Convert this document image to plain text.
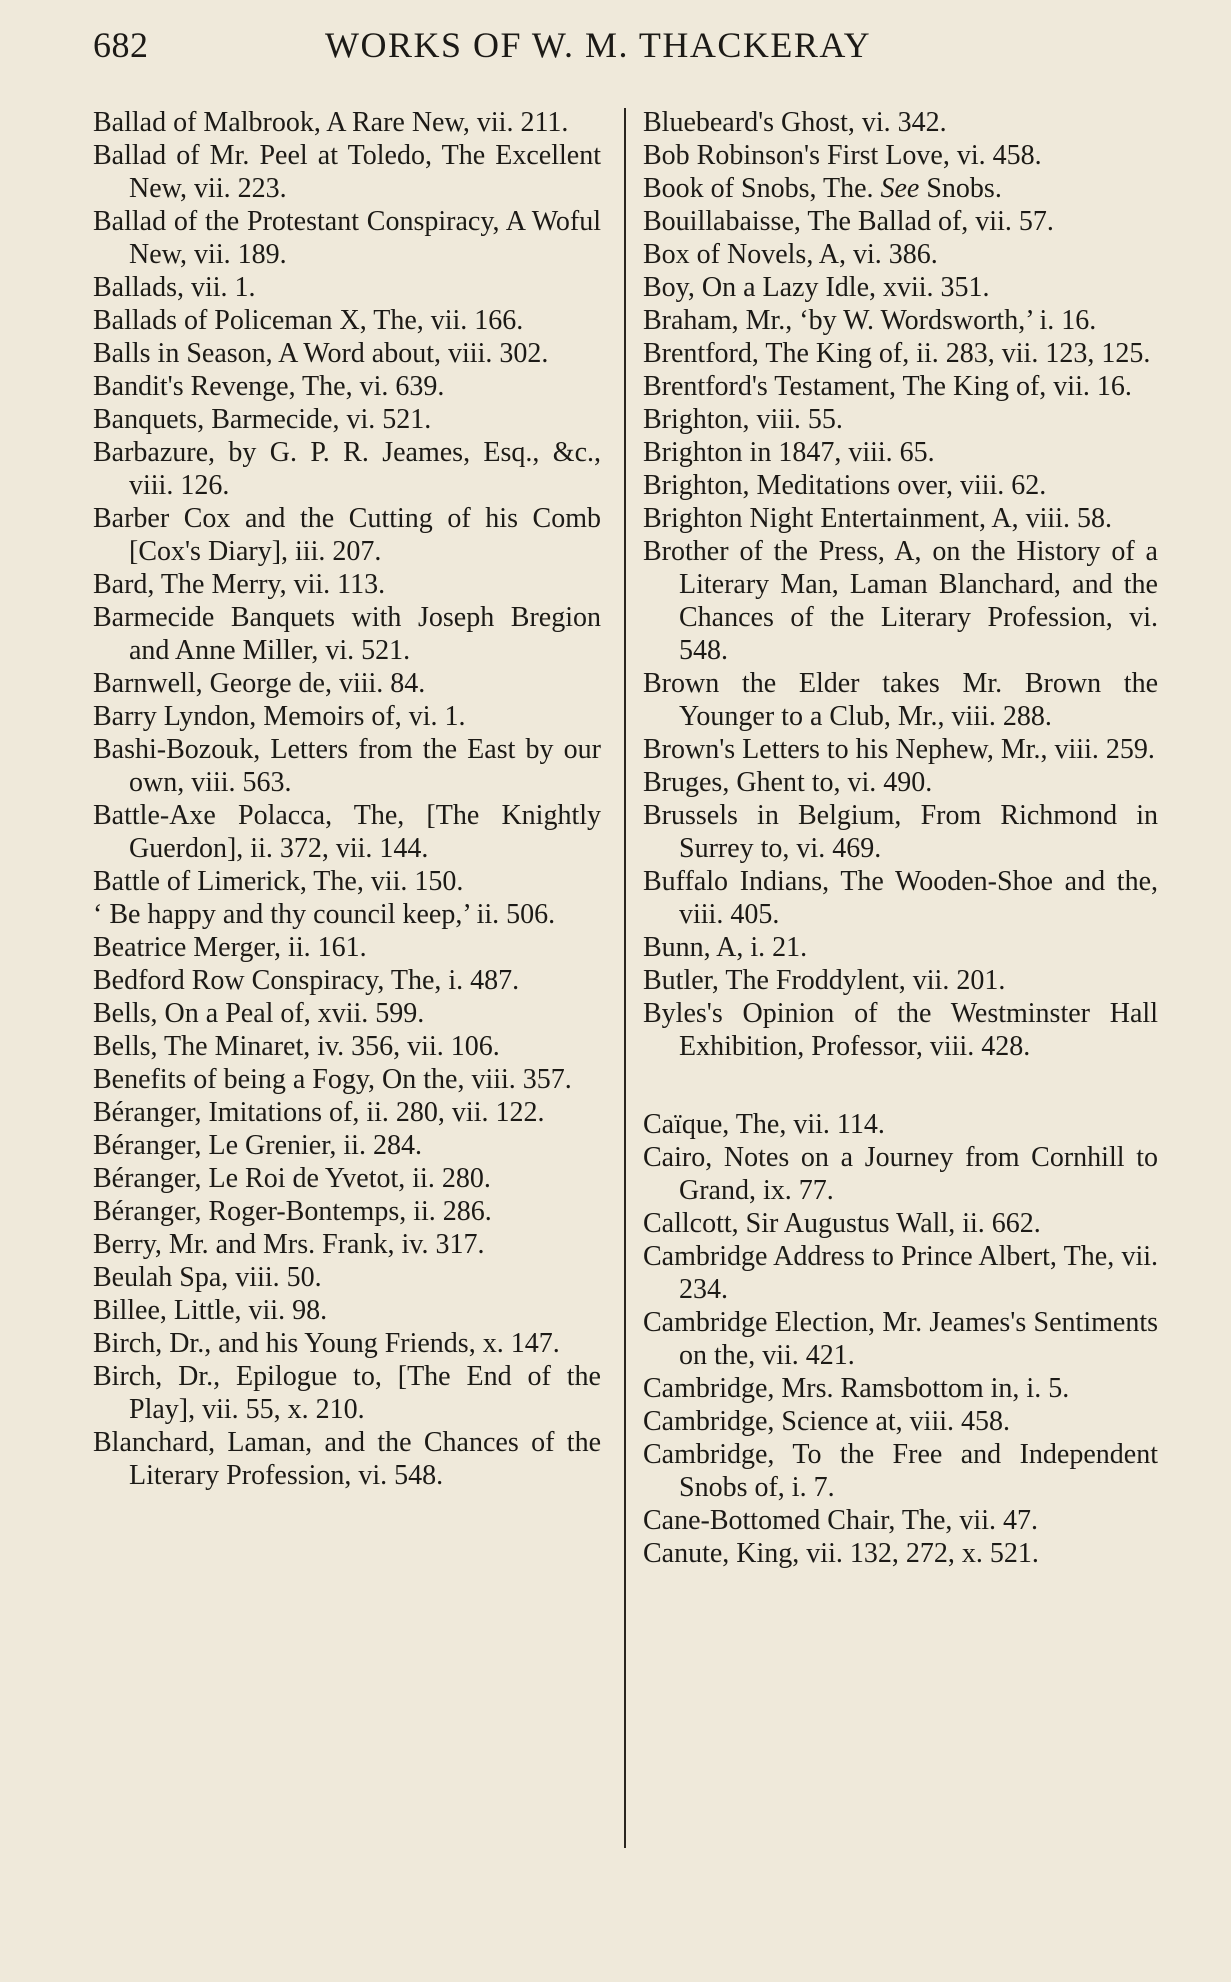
682	WORKS OF W. M. THACKERAY

Ballad of Malbrook, A Rare New, vii. 211.

Ballad of Mr. Peel at Toledo, The Excellent New, vii. 223.

Ballad of the Protestant Conspiracy, A Woful New, vii. 189.

Ballads, vii. 1.

Ballads of Policeman X, The, vii. 166.

Balls in Season, A Word about, viii. 302.

Bandit's Revenge, The, vi. 639.

Banquets, Barmecide, vi. 521.

Barbazure, by G. P. R. Jeames, Esq., &c., viii. 126.

Barber Cox and the Cutting of his Comb [Cox's Diary], iii. 207.

Bard, The Merry, vii. 113.

Barmecide Banquets with Joseph Bregion and Anne Miller, vi. 521.

Barnwell, George de, viii. 84.

Barry Lyndon, Memoirs of, vi. 1.

Bashi-Bozouk, Letters from the East by our own, viii. 563.

Battle-Axe Polacca, The, [The Knightly Guerdon], ii. 372, vii. 144.

Battle of Limerick, The, vii. 150.

‘ Be happy and thy council keep,’ ii. 506.

Beatrice Merger, ii. 161.

Bedford Row Conspiracy, The, i. 487.

Bells, On a Peal of, xvii. 599.

Bells, The Minaret, iv. 356, vii. 106.

Benefits of being a Fogy, On the, viii. 357.

Béranger, Imitations of, ii. 280, vii. 122.

Béranger, Le Grenier, ii. 284.

Béranger, Le Roi de Yvetot, ii. 280.

Béranger, Roger-Bontemps, ii. 286.

Berry, Mr. and Mrs. Frank, iv. 317.

Beulah Spa, viii. 50.

Billee, Little, vii. 98.

Birch, Dr., and his Young Friends, x. 147.

Birch, Dr., Epilogue to, [The End of the Play], vii. 55, x. 210.

Blanchard, Laman, and the Chances of the Literary Profession, vi. 548.

Bluebeard's Ghost, vi. 342.

Bob Robinson's First Love, vi. 458.

Book of Snobs, The. See Snobs.

Bouillabaisse, The Ballad of, vii. 57.

Box of Novels, A, vi. 386.

Boy, On a Lazy Idle, xvii. 351.

Braham, Mr., ‘by W. Wordsworth,’ i. 16.

Brentford, The King of, ii. 283, vii. 123, 125.

Brentford's Testament, The King of, vii. 16.

Brighton, viii. 55.

Brighton in 1847, viii. 65.

Brighton, Meditations over, viii. 62.

Brighton Night Entertainment, A, viii. 58.

Brother of the Press, A, on the History of a Literary Man, Laman Blanchard, and the Chances of the Literary Profession, vi. 548.

Brown the Elder takes Mr. Brown the Younger to a Club, Mr., viii. 288.

Brown's Letters to his Nephew, Mr., viii. 259.

Bruges, Ghent to, vi. 490.

Brussels in Belgium, From Richmond in Surrey to, vi. 469.

Buffalo Indians, The Wooden-Shoe and the, viii. 405.

Bunn, A, i. 21.

Butler, The Froddylent, vii. 201.

Byles's Opinion of the Westminster Hall Exhibition, Professor, viii. 428.

Caïque, The, vii. 114.

Cairo, Notes on a Journey from Cornhill to Grand, ix. 77.

Callcott, Sir Augustus Wall, ii. 662.

Cambridge Address to Prince Albert, The, vii. 234.

Cambridge Election, Mr. Jeames's Sentiments on the, vii. 421.

Cambridge, Mrs. Ramsbottom in, i. 5.

Cambridge, Science at, viii. 458.

Cambridge, To the Free and Independent Snobs of, i. 7.

Cane-Bottomed Chair, The, vii. 47.

Canute, King, vii. 132, 272, x. 521.
